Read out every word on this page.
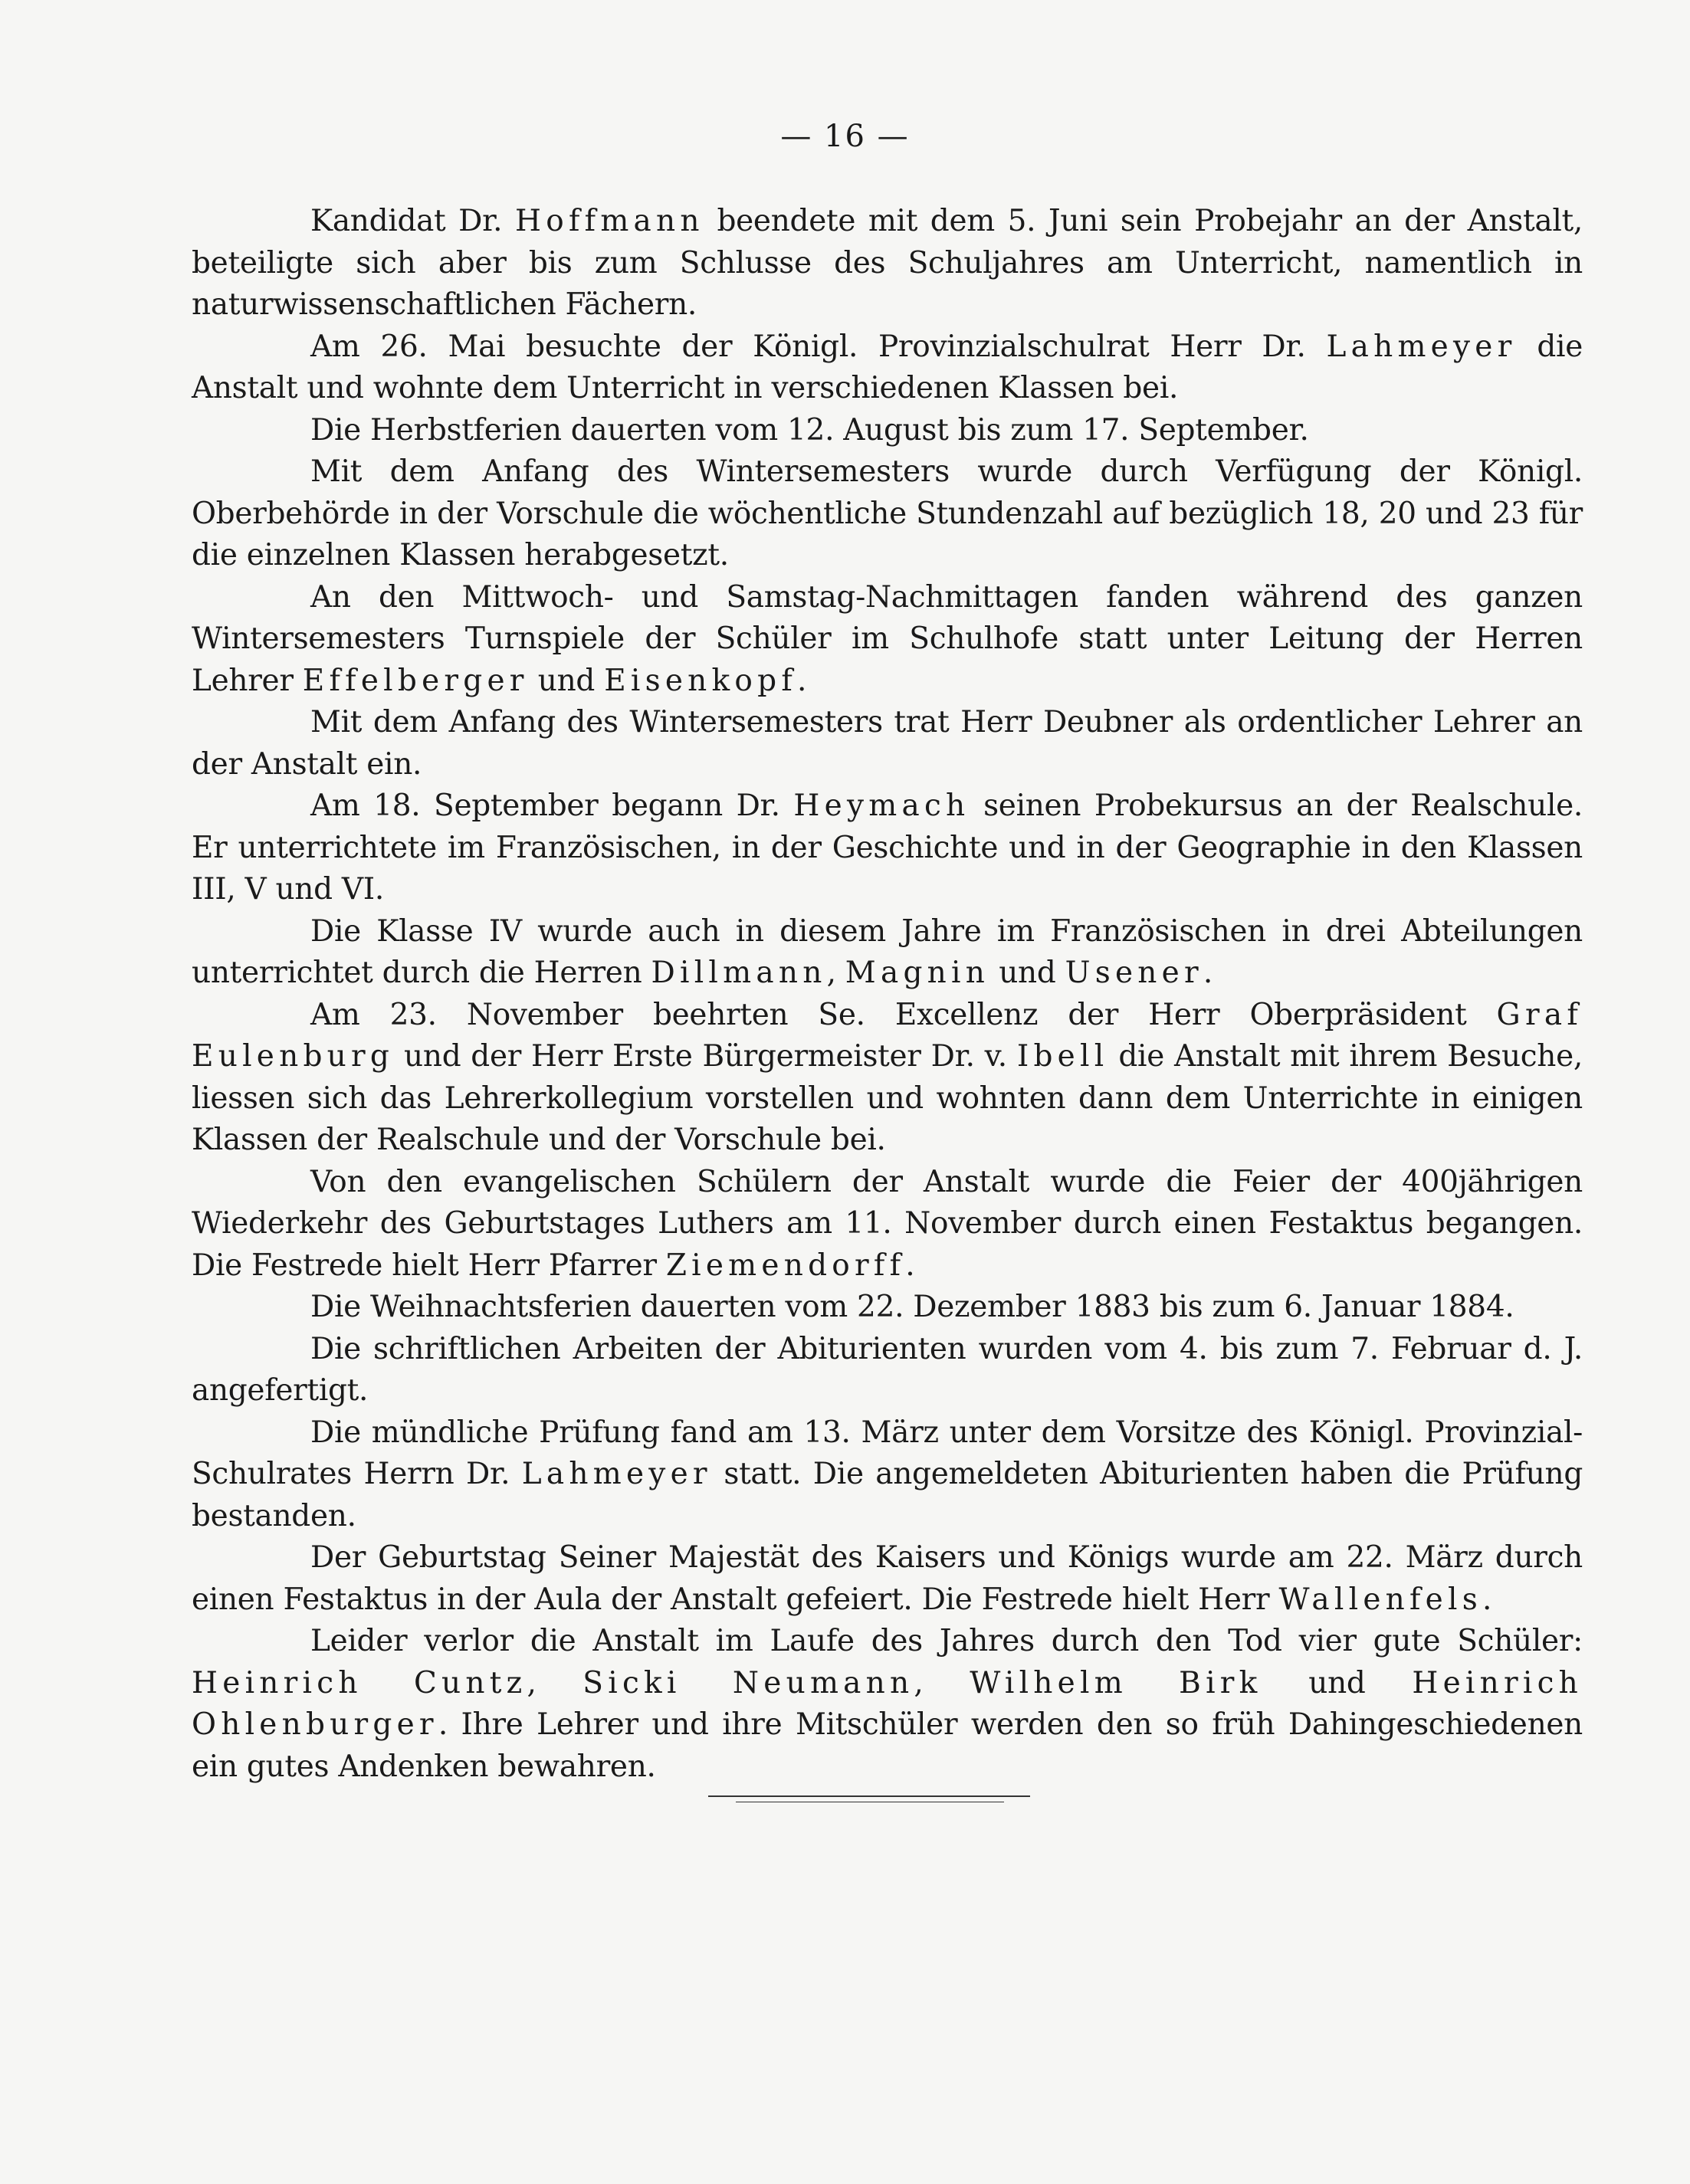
— 16 —

Kandidat Dr. Hoffmann beendete mit dem 5. Juni sein Probejahr an der Anstalt, beteiligte sich aber bis zum Schlusse des Schuljahres am Unterricht, namentlich in naturwissenschaftlichen Fächern.

Am 26. Mai besuchte der Königl. Provinzialschulrat Herr Dr. Lahmeyer die Anstalt und wohnte dem Unterricht in verschiedenen Klassen bei.

Die Herbstferien dauerten vom 12. August bis zum 17. September.

Mit dem Anfang des Wintersemesters wurde durch Verfügung der Königl. Oberbehörde in der Vorschule die wöchentliche Stundenzahl auf bezüglich 18, 20 und 23 für die einzelnen Klassen herabgesetzt.

An den Mittwoch- und Samstag-Nachmittagen fanden während des ganzen Wintersemesters Turnspiele der Schüler im Schulhofe statt unter Leitung der Herren Lehrer Effelberger und Eisenkopf.

Mit dem Anfang des Wintersemesters trat Herr Deubner als ordentlicher Lehrer an der Anstalt ein.

Am 18. September begann Dr. Heymach seinen Probekursus an der Realschule. Er unterrichtete im Französischen, in der Geschichte und in der Geographie in den Klassen III, V und VI.

Die Klasse IV wurde auch in diesem Jahre im Französischen in drei Abteilungen unterrichtet durch die Herren Dillmann, Magnin und Usener.

Am 23. November beehrten Se. Excellenz der Herr Oberpräsident Graf Eulenburg und der Herr Erste Bürgermeister Dr. v. Ibell die Anstalt mit ihrem Besuche, liessen sich das Lehrerkollegium vorstellen und wohnten dann dem Unterrichte in einigen Klassen der Realschule und der Vorschule bei.

Von den evangelischen Schülern der Anstalt wurde die Feier der 400jährigen Wiederkehr des Geburtstages Luthers am 11. November durch einen Festaktus begangen. Die Festrede hielt Herr Pfarrer Ziemendorff.

Die Weihnachtsferien dauerten vom 22. Dezember 1883 bis zum 6. Januar 1884.

Die schriftlichen Arbeiten der Abiturienten wurden vom 4. bis zum 7. Februar d. J. angefertigt.

Die mündliche Prüfung fand am 13. März unter dem Vorsitze des Königl. Provinzial-Schulrates Herrn Dr. Lahmeyer statt. Die angemeldeten Abiturienten haben die Prüfung bestanden.

Der Geburtstag Seiner Majestät des Kaisers und Königs wurde am 22. März durch einen Festaktus in der Aula der Anstalt gefeiert. Die Festrede hielt Herr Wallenfels.

Leider verlor die Anstalt im Laufe des Jahres durch den Tod vier gute Schüler: Heinrich Cuntz, Sicki Neumann, Wilhelm Birk und Heinrich Ohlenburger. Ihre Lehrer und ihre Mitschüler werden den so früh Dahingeschiedenen ein gutes Andenken bewahren.
